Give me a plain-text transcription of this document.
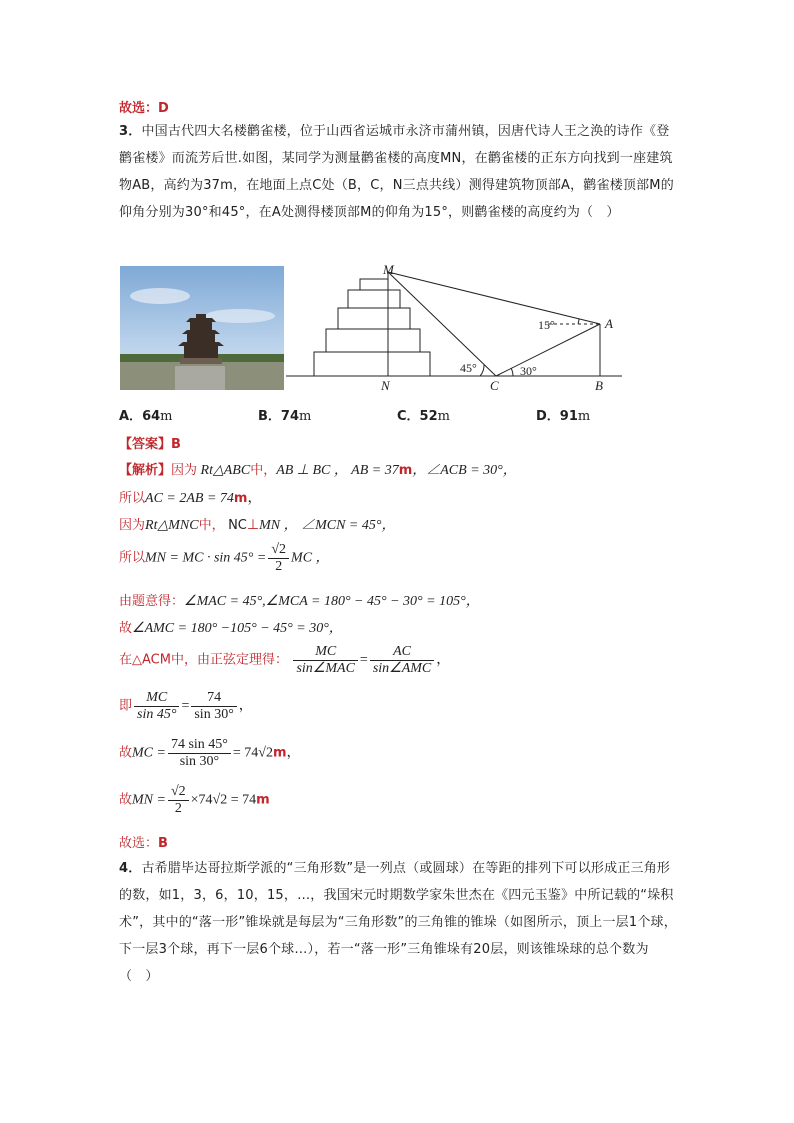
故选：D
3．中国古代四大名楼鹳雀楼，位于山西省运城市永济市蒲州镇，因唐代诗人王之涣的诗作《登鹳雀楼》而流芳后世.如图，某同学为测量鹳雀楼的高度MN，在鹳雀楼的正东方向找到一座建筑物AB，高约为37m，在地面上点C处（B，C，N三点共线）测得建筑物顶部A，鹳雀楼顶部M的仰角分别为30°和45°，在A处测得楼顶部M的仰角为15°，则鹳雀楼的高度约为（　）
M
A
N	C	B
15°
45°	30°
A．64m	B．74m	C．52m	D．91m
【答案】B
【解析】因为 Rt△ABC中，AB ⊥ BC ， AB = 37m，∠ACB = 30°，
所以AC = 2AB = 74m，
因为Rt△MNC中， NC⊥MN ， ∠MCN = 45°，
所以MN = MC · $\sin 45^\circ = \frac{√2}{2}$ MC ，
由题意得：∠MAC = 45°,∠MCA = 180° − 45° − 30° = 105°，
故∠AMC = 180° −105° − 45° = 30°，
在△ACM中，由正弦定理得： $\frac{MC}{\text{sin∠MAC}} = \frac{AC}{\text{sin∠AMC}}$ ，
即 $\frac{MC}{\sin 45^\circ} = \frac{74}{\sin 30^\circ}$ ，
故MC = $\frac{74 \sin 45^\circ}{\sin 30^\circ} = 74√2m$，
故MN = $\frac{√2}{2} \times 74√2 = 74m$
故选：B
4．古希腊毕达哥拉斯学派的“三角形数”是一列点（或圆球）在等距的排列下可以形成正三角形的数，如1，3，6，10，15，…，我国宋元时期数学家朱世杰在《四元玉鉴》中所记载的“垛积术”，其中的“落一形”锥垛就是每层为“三角形数”的三角锥的锥垛（如图所示，顶上一层1个球，下一层3个球，再下一层6个球…），若一“落一形”三角锥垛有20层，则该锥垛球的总个数为（　）
